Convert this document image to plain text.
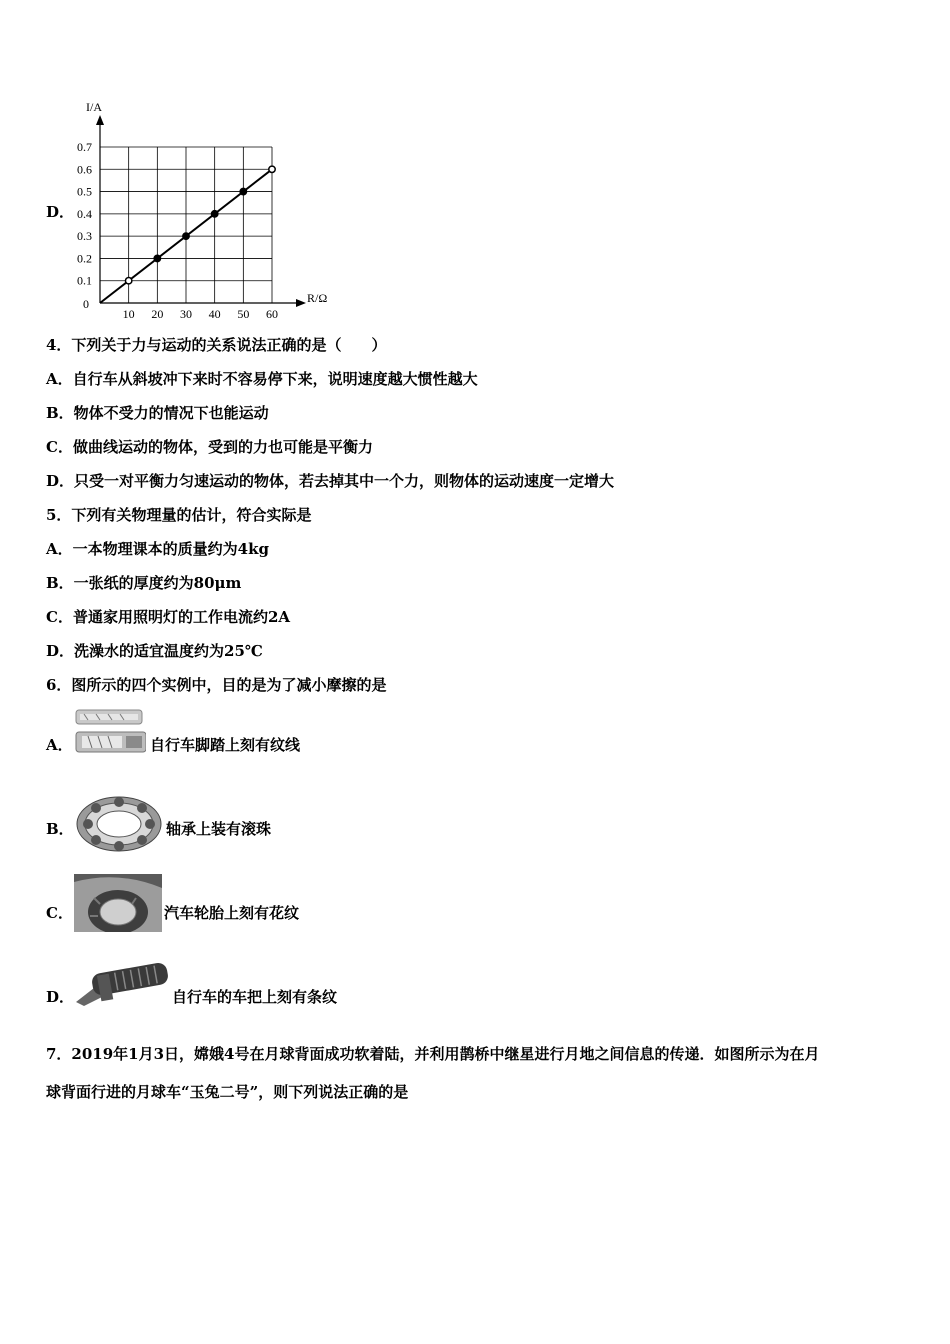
D．
I/A
R/Ω
0
0.1
0.2
0.3
0.4
0.5
0.6
0.7
10 20 30 40 50 60
4．下列关于力与运动的关系说法正确的是（　　）
A．自行车从斜坡冲下来时不容易停下来，说明速度越大惯性越大
B．物体不受力的情况下也能运动
C．做曲线运动的物体，受到的力也可能是平衡力
D．只受一对平衡力匀速运动的物体，若去掉其中一个力，则物体的运动速度一定增大
5．下列有关物理量的估计，符合实际是
A．一本物理课本的质量约为4kg
B．一张纸的厚度约为80μm
C．普通家用照明灯的工作电流约2A
D．洗澡水的适宜温度约为25℃
6．图所示的四个实例中，目的是为了减小摩擦的是
A．	自行车脚踏上刻有纹线
B．	轴承上装有滚珠
C．	汽车轮胎上刻有花纹
D．	自行车的车把上刻有条纹
7．2019年1月3日，嫦娥4号在月球背面成功软着陆，并利用鹊桥中继星进行月地之间信息的传递．如图所示为在月
球背面行进的月球车“玉兔二号”，则下列说法正确的是
